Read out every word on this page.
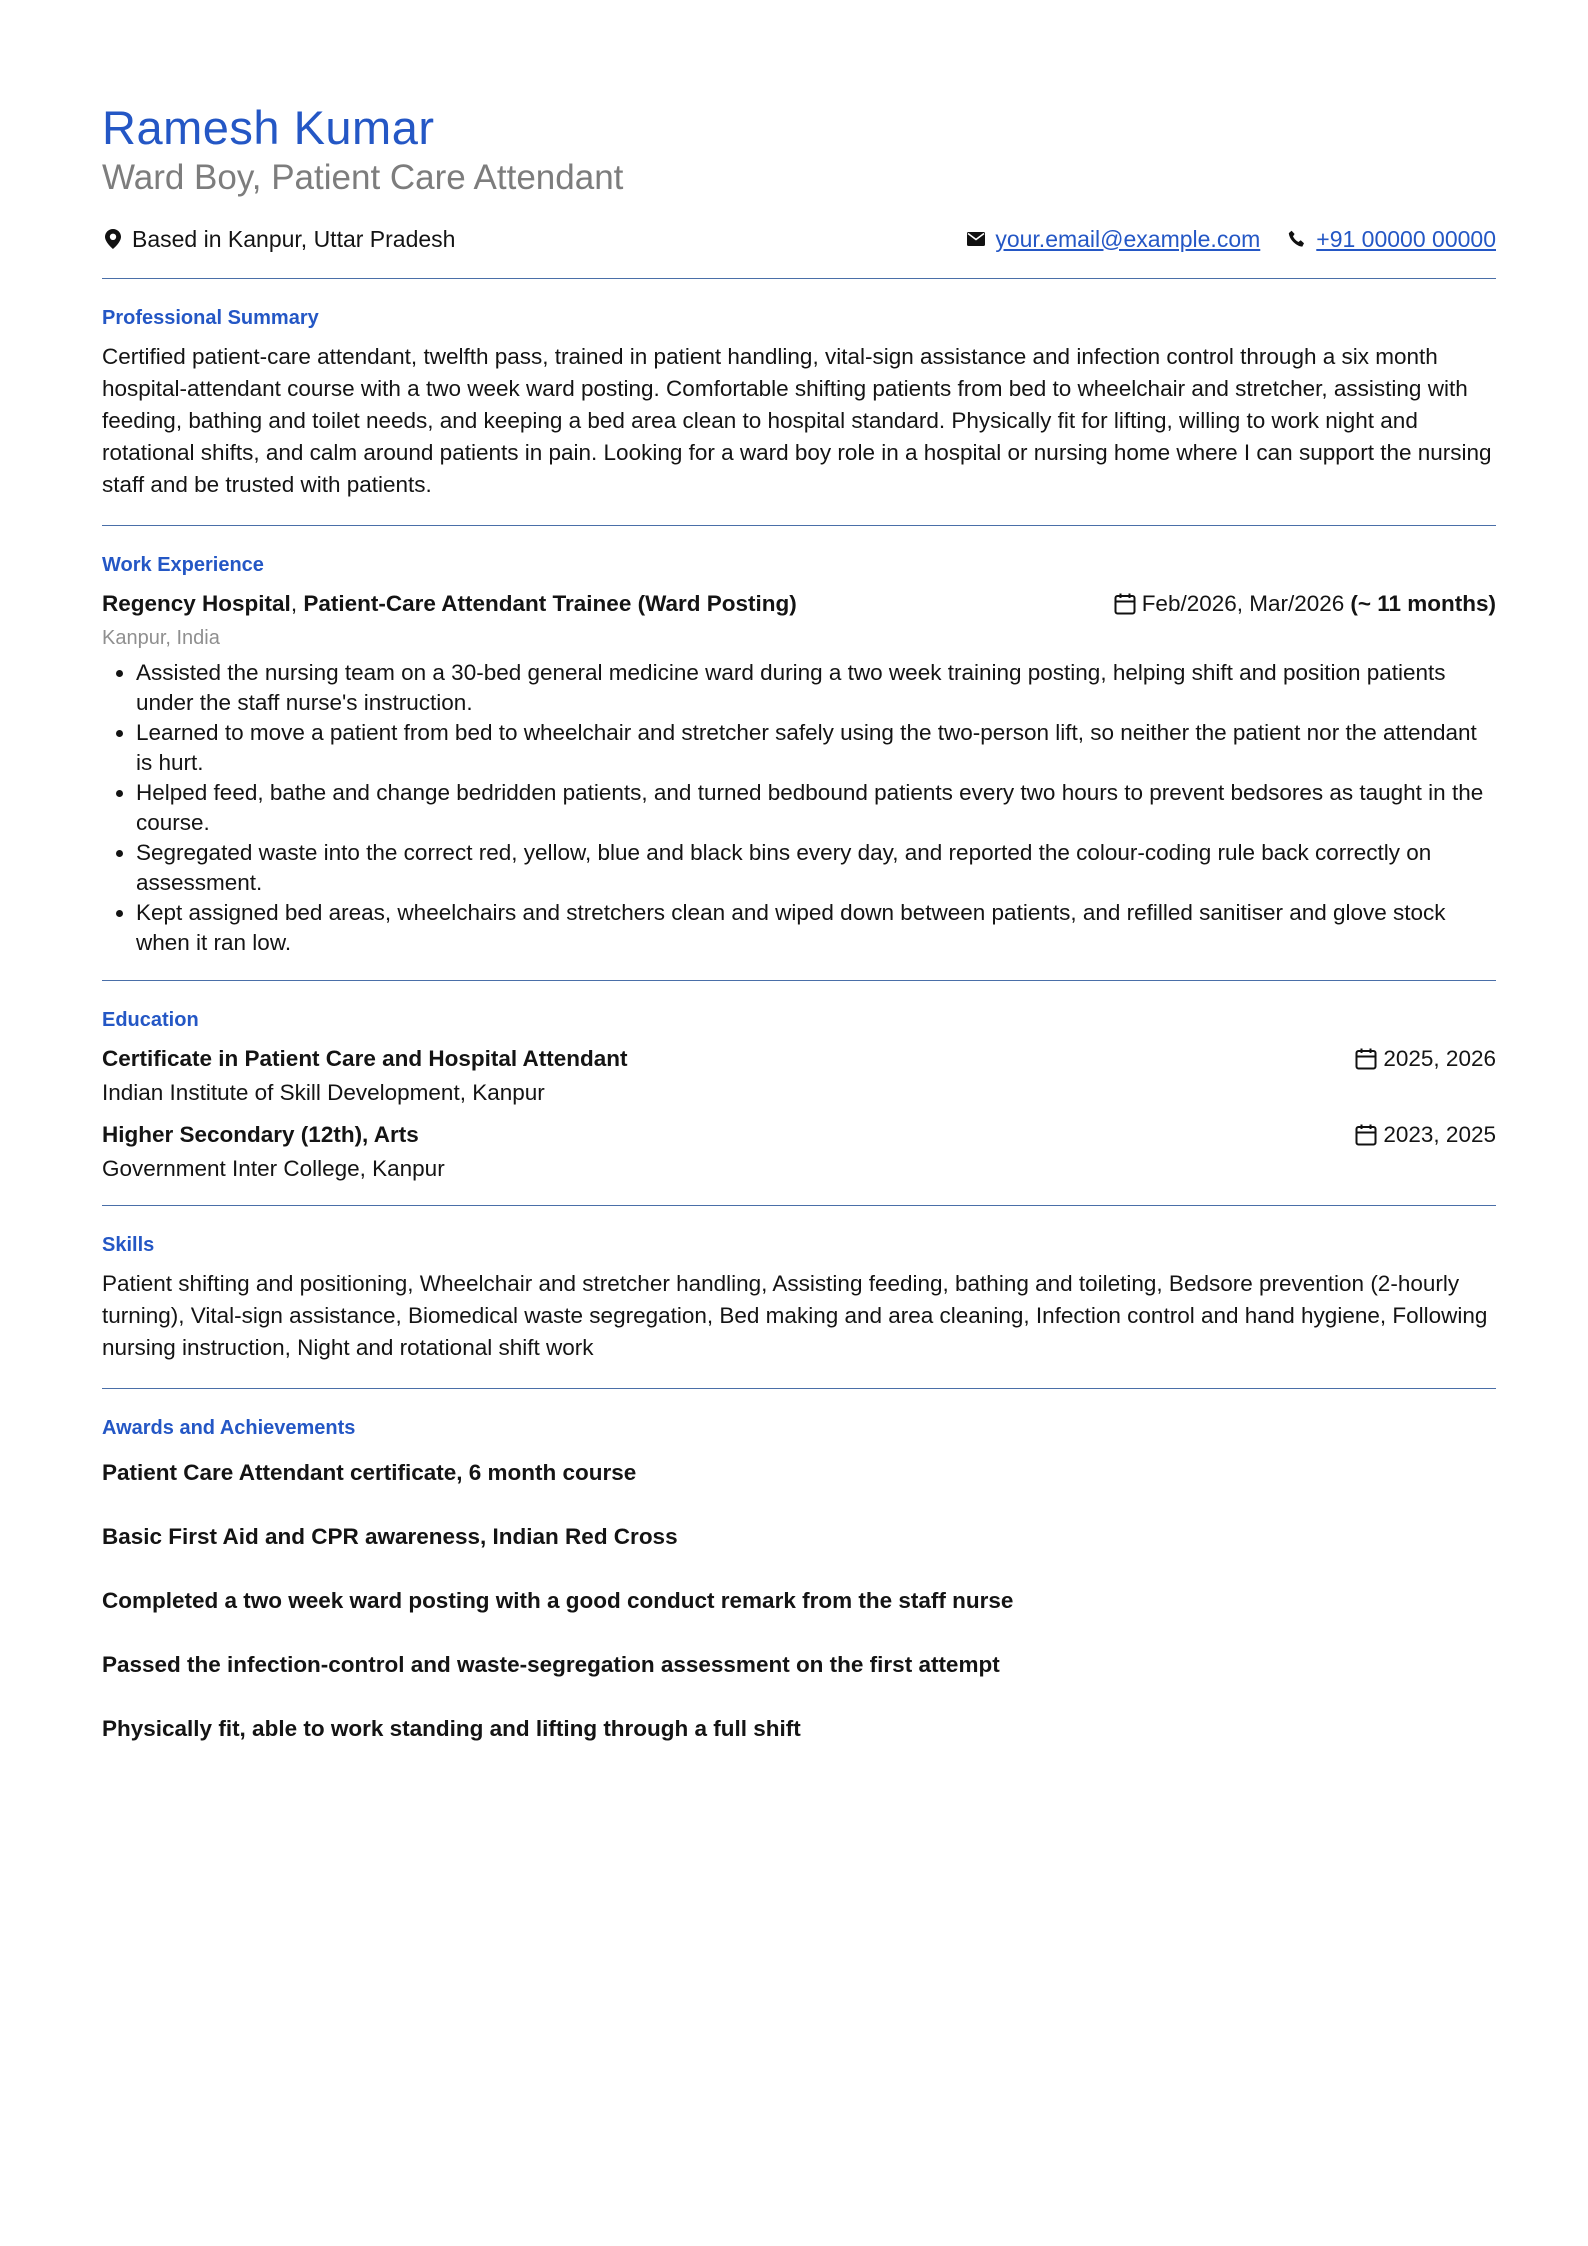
Ramesh Kumar
Ward Boy, Patient Care Attendant
Based in Kanpur, Uttar Pradesh	your.email@example.com +91 00000 00000
Professional Summary

Certified patient-care attendant, twelfth pass, trained in patient handling, vital-sign assistance and infection control through a six month hospital-attendant course with a two week ward posting. Comfortable shifting patients from bed to wheelchair and stretcher, assisting with feeding, bathing and toilet needs, and keeping a bed area clean to hospital standard. Physically fit for lifting, willing to work night and rotational shifts, and calm around patients in pain. Looking for a ward boy role in a hospital or nursing home where I can support the nursing staff and be trusted with patients.

Work Experience
Regency Hospital, Patient-Care Attendant Trainee (Ward Posting)	Feb/2026, Mar/2026 (~ 11 months)
Kanpur, India
• Assisted the nursing team on a 30-bed general medicine ward during a two week training posting, helping shift and position patients under the staff nurse's instruction.
• Learned to move a patient from bed to wheelchair and stretcher safely using the two-person lift, so neither the patient nor the attendant is hurt.
• Helped feed, bathe and change bedridden patients, and turned bedbound patients every two hours to prevent bedsores as taught in the course.
• Segregated waste into the correct red, yellow, blue and black bins every day, and reported the colour-coding rule back correctly on assessment.
• Kept assigned bed areas, wheelchairs and stretchers clean and wiped down between patients, and refilled sanitiser and glove stock when it ran low.
Education
Certificate in Patient Care and Hospital Attendant	2025, 2026
Indian Institute of Skill Development, Kanpur
Higher Secondary (12th), Arts	2023, 2025
Government Inter College, Kanpur
Skills

Patient shifting and positioning, Wheelchair and stretcher handling, Assisting feeding, bathing and toileting, Bedsore prevention (2-hourly turning), Vital-sign assistance, Biomedical waste segregation, Bed making and area cleaning, Infection control and hand hygiene, Following nursing instruction, Night and rotational shift work

Awards and Achievements
Patient Care Attendant certificate, 6 month course
Basic First Aid and CPR awareness, Indian Red Cross
Completed a two week ward posting with a good conduct remark from the staff nurse
Passed the infection-control and waste-segregation assessment on the first attempt
Physically fit, able to work standing and lifting through a full shift
